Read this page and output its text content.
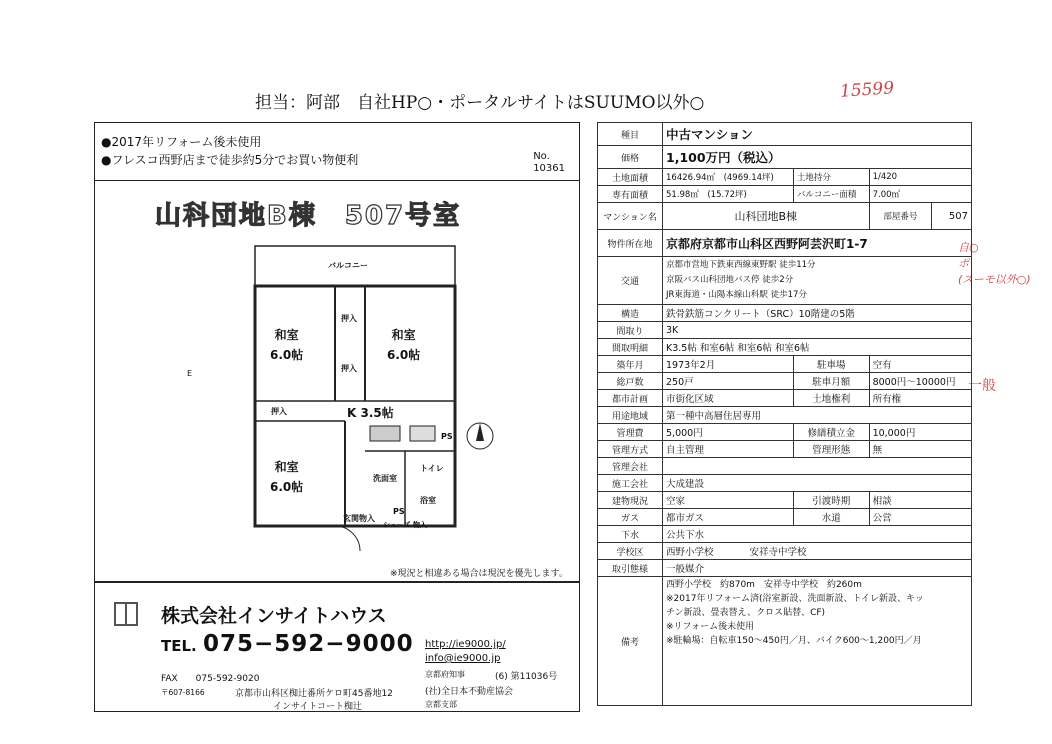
担当：阿部　自社HP○・ポータルサイトはSUUMO以外○
15599
自○
ポ
(スーモ以外○)
一般
●2017年リフォーム後未使用
●フレスコ西野店まで徒歩約5分でお買い物便利	No.
10361
山科団地B棟　507号室
E
バルコニー
和室
6.0帖
和室
6.0帖
和室
6.0帖
押入
押入
押入	K 3.5帖
トイレ
洗面室
浴室
玄関物入
PS
PS
シューズ 物入
※現況と相違ある場合は現況を優先します。
株式会社インサイトハウス
TEL. 075−592−9000
FAX　　075-592-9020
〒607-8166	京都市山科区椥辻番所ケロ町45番地12
インサイトコート椥辻
http://ie9000.jp/
info@ie9000.jp
京都府知事	(6) 第11036号
(社)全日本不動産協会
京都支部
種目	中古マンション			
価格	1,100万円（税込）			
土地面積	16426.94㎡　 (4969.14坪)	土地持分	1/420	
専有面積	51.98㎡　 (15.72坪)	バルコニー面積	7.00㎡	
マンション名	山科団地B棟		部屋番号	507
物件所在地	京都府京都市山科区西野阿芸沢町1-7			
交通	京都市営地下鉄東西線東野駅 徒歩11分
京阪バス山科団地バス停 徒歩2分
JR東海道・山陽本線山科駅 徒歩17分			

構造	鉄骨鉄筋コンクリート（SRC）10階建の5階			
間取り	3K			
間取明細	K3.5帖 和室6帖 和室6帖 和室6帖			
築年月	1973年2月	駐車場	空有	
総戸数	250戸	駐車月額	8000円〜10000円	
都市計画	市街化区域	土地権利	所有権	
用途地域	第一種中高層住居専用			
管理費	5,000円	修繕積立金	10,000円	
管理方式	自主管理	管理形態	無	
管理会社				
施工会社	大成建設			
建物現況	空家	引渡時期	相談	
ガス	都市ガス	水道	公営	
下水	公共下水			
学校区	西野小学校 安祥寺中学校			
取引態様	一般媒介			
備考	西野小学校　約870m　安祥寺中学校　約260m
※2017年リフォーム済(浴室新設、洗面新設、トイレ新設、キッ
チン新設、畳表替え、クロス貼替、CF)
※リフォーム後未使用
※駐輪場：自転車150〜450円／月、バイク600〜1,200円／月			
